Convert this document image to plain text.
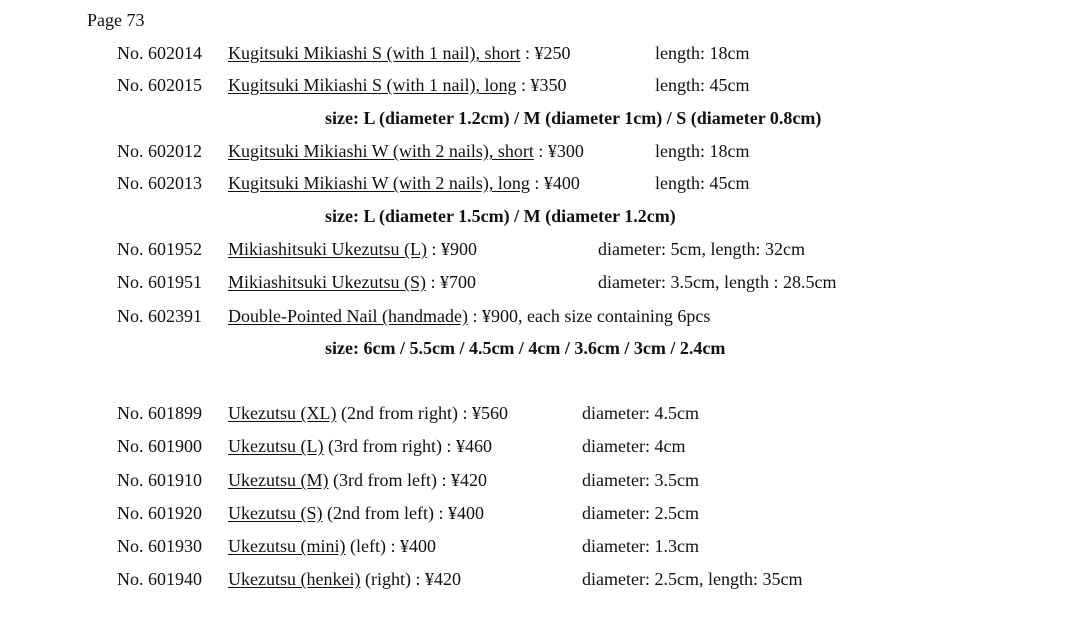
Page 73
No. 602014 Kugitsuki Mikiashi S (with 1 nail), short : ¥250	length: 18cm
No. 602015 Kugitsuki Mikiashi S (with 1 nail), long : ¥350	length: 45cm
size: L (diameter 1.2cm) / M (diameter 1cm) / S (diameter 0.8cm)
No. 602012 Kugitsuki Mikiashi W (with 2 nails), short : ¥300	length: 18cm
No. 602013 Kugitsuki Mikiashi W (with 2 nails), long : ¥400	length: 45cm
size: L (diameter 1.5cm) / M (diameter 1.2cm)
No. 601952 Mikiashitsuki Ukezutsu (L) : ¥900	diameter: 5cm, length: 32cm
No. 601951 Mikiashitsuki Ukezutsu (S) : ¥700	diameter: 3.5cm, length : 28.5cm
No. 602391 Double-Pointed Nail (handmade) : ¥900, each size containing 6pcs
size: 6cm / 5.5cm / 4.5cm / 4cm / 3.6cm / 3cm / 2.4cm
No. 601899 Ukezutsu (XL) (2nd from right) : ¥560	diameter: 4.5cm
No. 601900 Ukezutsu (L) (3rd from right) : ¥460	diameter: 4cm
No. 601910 Ukezutsu (M) (3rd from left) : ¥420	diameter: 3.5cm
No. 601920 Ukezutsu (S) (2nd from left) : ¥400	diameter: 2.5cm
No. 601930 Ukezutsu (mini) (left) : ¥400	diameter: 1.3cm
No. 601940 Ukezutsu (henkei) (right) : ¥420	diameter: 2.5cm, length: 35cm
